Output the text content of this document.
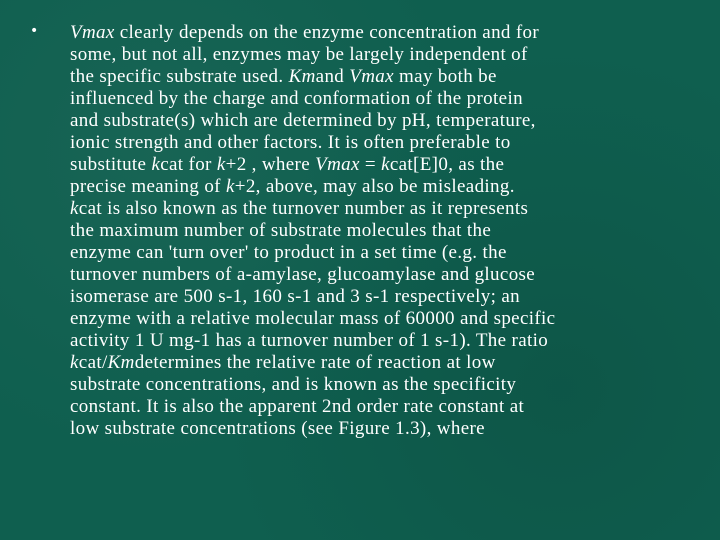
• Vmax clearly depends on the enzyme concentration and for
some, but not all, enzymes may be largely independent of
the specific substrate used. Kmand Vmax may both be
influenced by the charge and conformation of the protein
and substrate(s) which are determined by pH, temperature,
ionic strength and other factors. It is often preferable to
substitute kcat for k+2 , where Vmax = kcat[E]0, as the
precise meaning of k+2, above, may also be misleading.
kcat is also known as the turnover number as it represents
the maximum number of substrate molecules that the
enzyme can 'turn over' to product in a set time (e.g. the
turnover numbers of a-amylase, glucoamylase and glucose
isomerase are 500 s-1, 160 s-1 and 3 s-1 respectively; an
enzyme with a relative molecular mass of 60000 and specific
activity 1 U mg-1 has a turnover number of 1 s-1). The ratio
kcat/Kmdetermines the relative rate of reaction at low
substrate concentrations, and is known as the specificity
constant. It is also the apparent 2nd order rate constant at
low substrate concentrations (see Figure 1.3), where
